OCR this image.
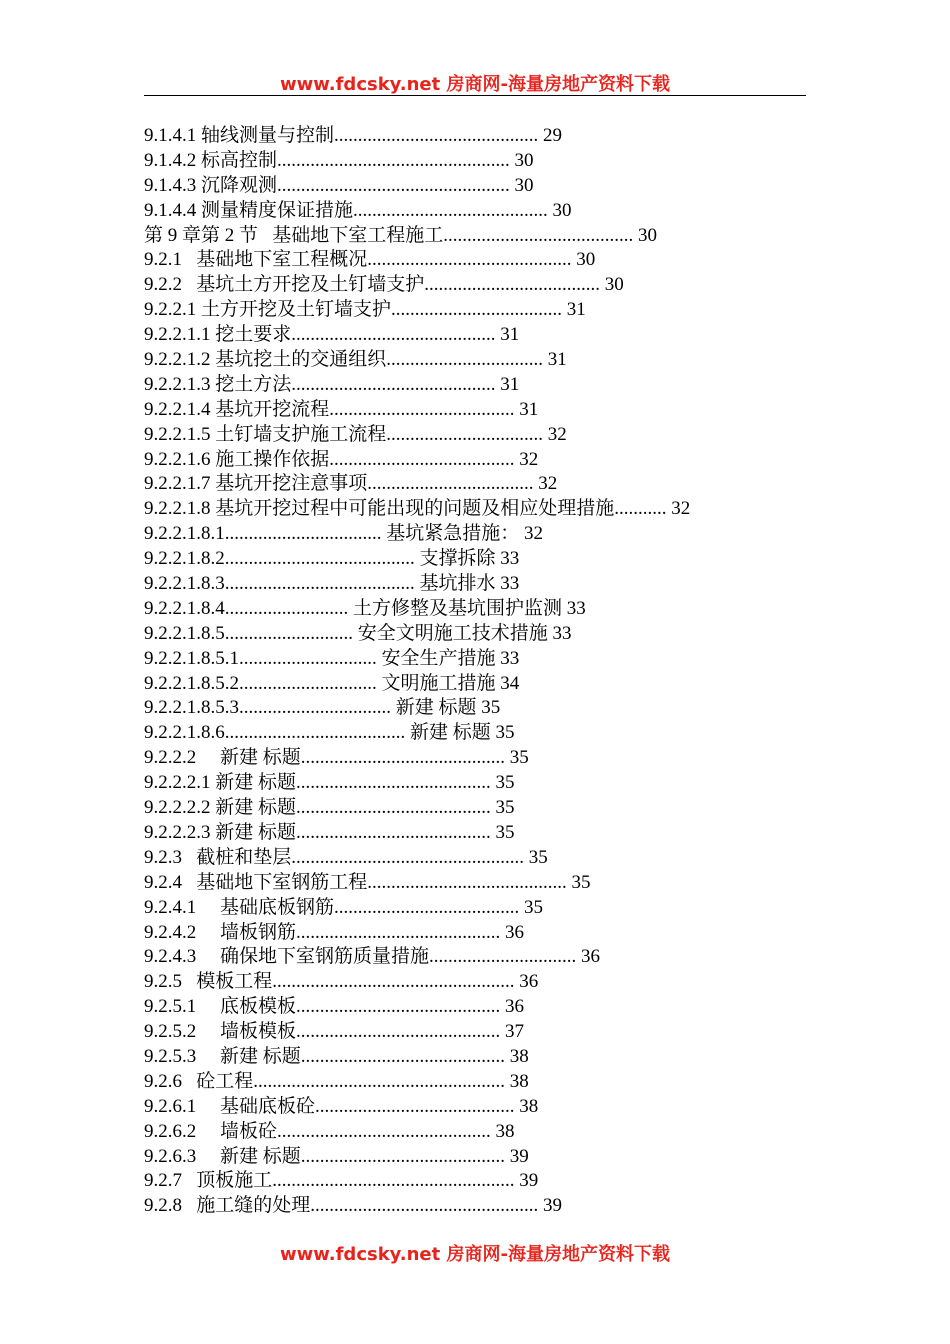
www.fdcsky.net 房商网-海量房地产资料下载
9.1.4.1 轴线测量与控制........................................... 29
9.1.4.2 标高控制................................................. 30
9.1.4.3 沉降观测................................................. 30
9.1.4.4 测量精度保证措施......................................... 30
第 9 章第 2 节   基础地下室工程施工........................................ 30
9.2.1   基础地下室工程概况........................................... 30
9.2.2   基坑土方开挖及土钉墙支护..................................... 30
9.2.2.1 土方开挖及土钉墙支护.................................... 31
9.2.2.1.1 挖土要求........................................... 31
9.2.2.1.2 基坑挖土的交通组织................................. 31
9.2.2.1.3 挖土方法........................................... 31
9.2.2.1.4 基坑开挖流程....................................... 31
9.2.2.1.5 土钉墙支护施工流程................................. 32
9.2.2.1.6 施工操作依据....................................... 32
9.2.2.1.7 基坑开挖注意事项................................... 32
9.2.2.1.8 基坑开挖过程中可能出现的问题及相应处理措施........... 32
9.2.2.1.8.1................................. 基坑紧急措施： 32
9.2.2.1.8.2........................................ 支撑拆除 33
9.2.2.1.8.3........................................ 基坑排水 33
9.2.2.1.8.4.......................... 土方修整及基坑围护监测 33
9.2.2.1.8.5........................... 安全文明施工技术措施 33
9.2.2.1.8.5.1............................. 安全生产措施 33
9.2.2.1.8.5.2............................. 文明施工措施 34
9.2.2.1.8.5.3................................ 新建 标题 35
9.2.2.1.8.6...................................... 新建 标题 35
9.2.2.2     新建 标题........................................... 35
9.2.2.2.1 新建 标题......................................... 35
9.2.2.2.2 新建 标题......................................... 35
9.2.2.2.3 新建 标题......................................... 35
9.2.3   截桩和垫层................................................. 35
9.2.4   基础地下室钢筋工程.......................................... 35
9.2.4.1     基础底板钢筋....................................... 35
9.2.4.2     墙板钢筋........................................... 36
9.2.4.3     确保地下室钢筋质量措施............................... 36
9.2.5   模板工程................................................... 36
9.2.5.1     底板模板........................................... 36
9.2.5.2     墙板模板........................................... 37
9.2.5.3     新建 标题........................................... 38
9.2.6   砼工程..................................................... 38
9.2.6.1     基础底板砼.......................................... 38
9.2.6.2     墙板砼............................................. 38
9.2.6.3     新建 标题........................................... 39
9.2.7   顶板施工................................................... 39
9.2.8   施工缝的处理................................................ 39
www.fdcsky.net 房商网-海量房地产资料下载
